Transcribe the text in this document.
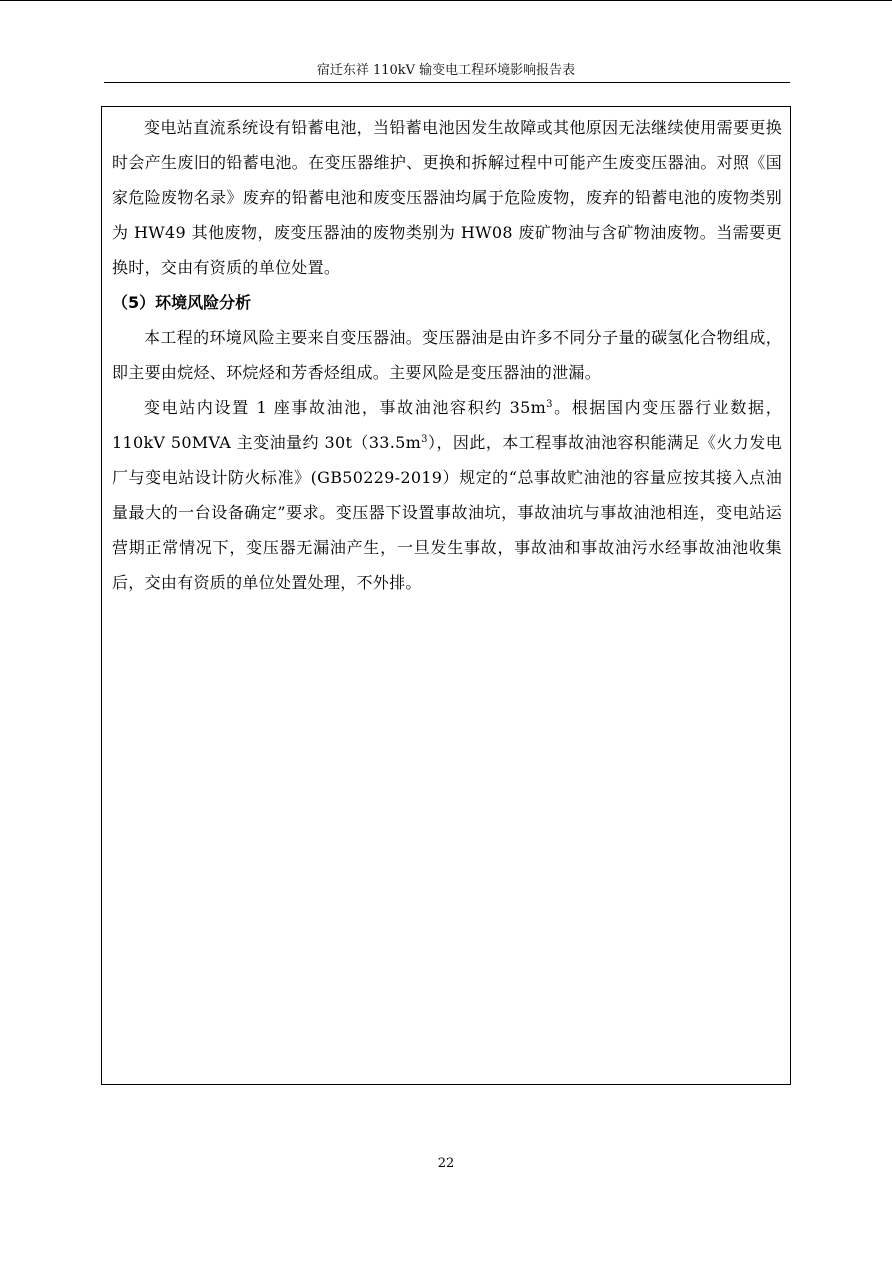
宿迁东祥 110kV 输变电工程环境影响报告表

变电站直流系统设有铅蓄电池，当铅蓄电池因发生故障或其他原因无法继续使用需要更换时会产生废旧的铅蓄电池。在变压器维护、更换和拆解过程中可能产生废变压器油。对照《国家危险废物名录》废弃的铅蓄电池和废变压器油均属于危险废物，废弃的铅蓄电池的废物类别为 HW49 其他废物，废变压器油的废物类别为 HW08 废矿物油与含矿物油废物。当需要更换时，交由有资质的单位处置。

（5）环境风险分析

本工程的环境风险主要来自变压器油。变压器油是由许多不同分子量的碳氢化合物组成，即主要由烷烃、环烷烃和芳香烃组成。主要风险是变压器油的泄漏。

变电站内设置 1 座事故油池，事故油池容积约 $35m^3$。根据国内变压器行业数据，110kV 50MVA 主变油量约 $30t(33.5m^3)$，因此，本工程事故油池容积能满足《火力发电厂与变电站设计防火标准》(GB50229-2019）规定的“总事故贮油池的容量应按其接入点油量最大的一台设备确定”要求。变压器下设置事故油坑，事故油坑与事故油池相连，变电站运营期正常情况下，变压器无漏油产生，一旦发生事故，事故油和事故油污水经事故油池收集后，交由有资质的单位处置处理，不外排。

22
